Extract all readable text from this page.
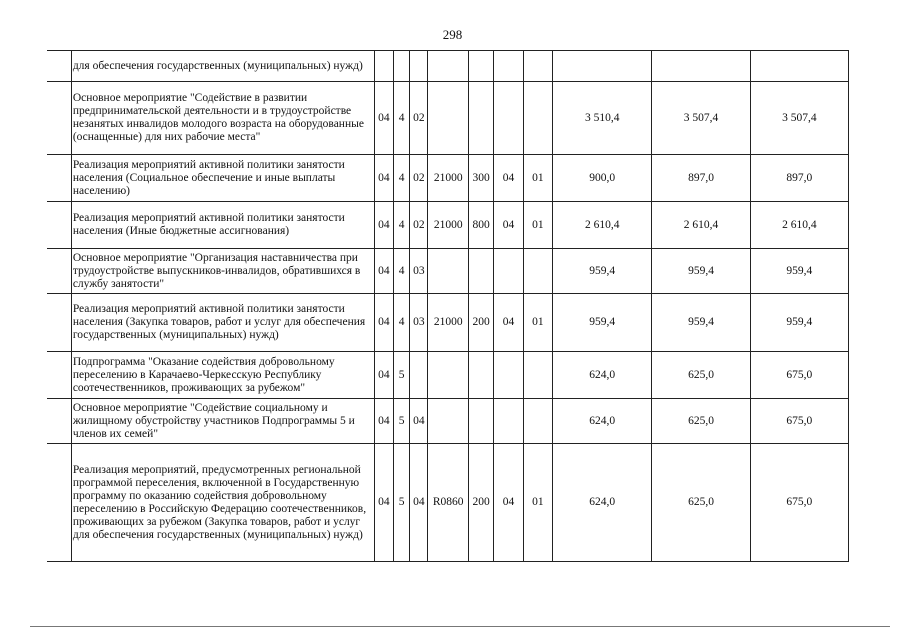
298
	для обеспечения государственных (муниципальных) нужд)										
	Основное мероприятие "Содействие в развитии предпринимательской деятельности и в трудоустройстве незанятых инвалидов молодого возраста на оборудованные (оснащенные) для них рабочие места"	04	4	02					3 510,4	3 507,4	3 507,4
	Реализация мероприятий активной политики занятости населения (Социальное обеспечение и иные выплаты населению)	04	4	02	21000	300	04	01	900,0	897,0	897,0
	Реализация мероприятий активной политики занятости населения (Иные бюджетные ассигнования)	04	4	02	21000	800	04	01	2 610,4	2 610,4	2 610,4
	Основное мероприятие "Организация наставничества при трудоустройстве выпускников-инвалидов, обратившихся в службу занятости"	04	4	03					959,4	959,4	959,4
	Реализация мероприятий активной политики занятости населения (Закупка товаров, работ и услуг для обеспечения государственных (муниципальных) нужд)	04	4	03	21000	200	04	01	959,4	959,4	959,4
	Подпрограмма "Оказание содействия добровольному переселению в Карачаево-Черкесскую Республику соотечественников, проживающих за рубежом"	04	5						624,0	625,0	675,0
	Основное мероприятие "Содействие социальному и жилищному обустройству участников Подпрограммы 5 и членов их семей"	04	5	04					624,0	625,0	675,0
	Реализация мероприятий, предусмотренных региональной программой переселения, включенной в Государственную программу по оказанию содействия добровольному переселению в Российскую Федерацию соотечественников, проживающих за рубежом (Закупка товаров, работ и услуг для обеспечения государственных (муниципальных) нужд)	04	5	04	R0860	200	04	01	624,0	625,0	675,0
